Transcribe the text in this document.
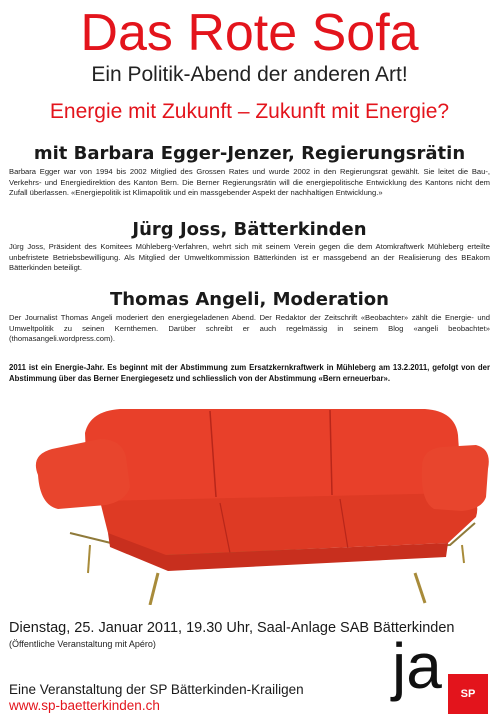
Das Rote Sofa
Ein Politik-Abend der anderen Art!
Energie mit Zukunft – Zukunft mit Energie?
mit Barbara Egger-Jenzer, Regierungsrätin
Barbara Egger war von 1994 bis 2002 Mitglied des Grossen Rates und wurde 2002 in den Regierungsrat gewählt. Sie leitet die Bau-, Verkehrs- und Energiedirektion des Kanton Bern. Die Berner Regierungsrätin will die energiepolitische Entwicklung des Kantons nicht dem Zufall überlassen. «Energiepolitik ist Klimapolitik und ein massgebender Aspekt der nachhaltigen Entwicklung.»
Jürg Joss, Bätterkinden
Jürg Joss, Präsident des Komitees Mühleberg-Verfahren, wehrt sich mit seinem Verein gegen die dem Atomkraftwerk Mühleberg erteilte unbefristete Betriebsbewilligung. Als Mitglied der Umweltkommission Bätterkinden ist er massgebend an der Realisierung des BEakom Bätterkinden beteiligt.
Thomas Angeli, Moderation
Der Journalist Thomas Angeli moderiert den energiegeladenen Abend. Der Redaktor der Zeitschrift «Beobachter» zählt die Energie- und Umweltpolitik zu seinen Kernthemen. Darüber schreibt er auch regelmässig in seinem Blog «angeli beobachtet» (thomasangeli.wordpress.com).
2011 ist ein Energie-Jahr. Es beginnt mit der Abstimmung zum Ersatzkernkraftwerk in Mühleberg am 13.2.2011, gefolgt von der Abstimmung über das Berner Energiegesetz und schliesslich von der Abstimmung «Bern erneuerbar».
Dienstag, 25. Januar 2011, 19.30 Uhr, Saal-Anlage SAB Bätterkinden
(Öffentliche Veranstaltung mit Apéro)
Eine Veranstaltung der SP Bätterkinden-Krailigen
www.sp-baetterkinden.ch
ja	SP
